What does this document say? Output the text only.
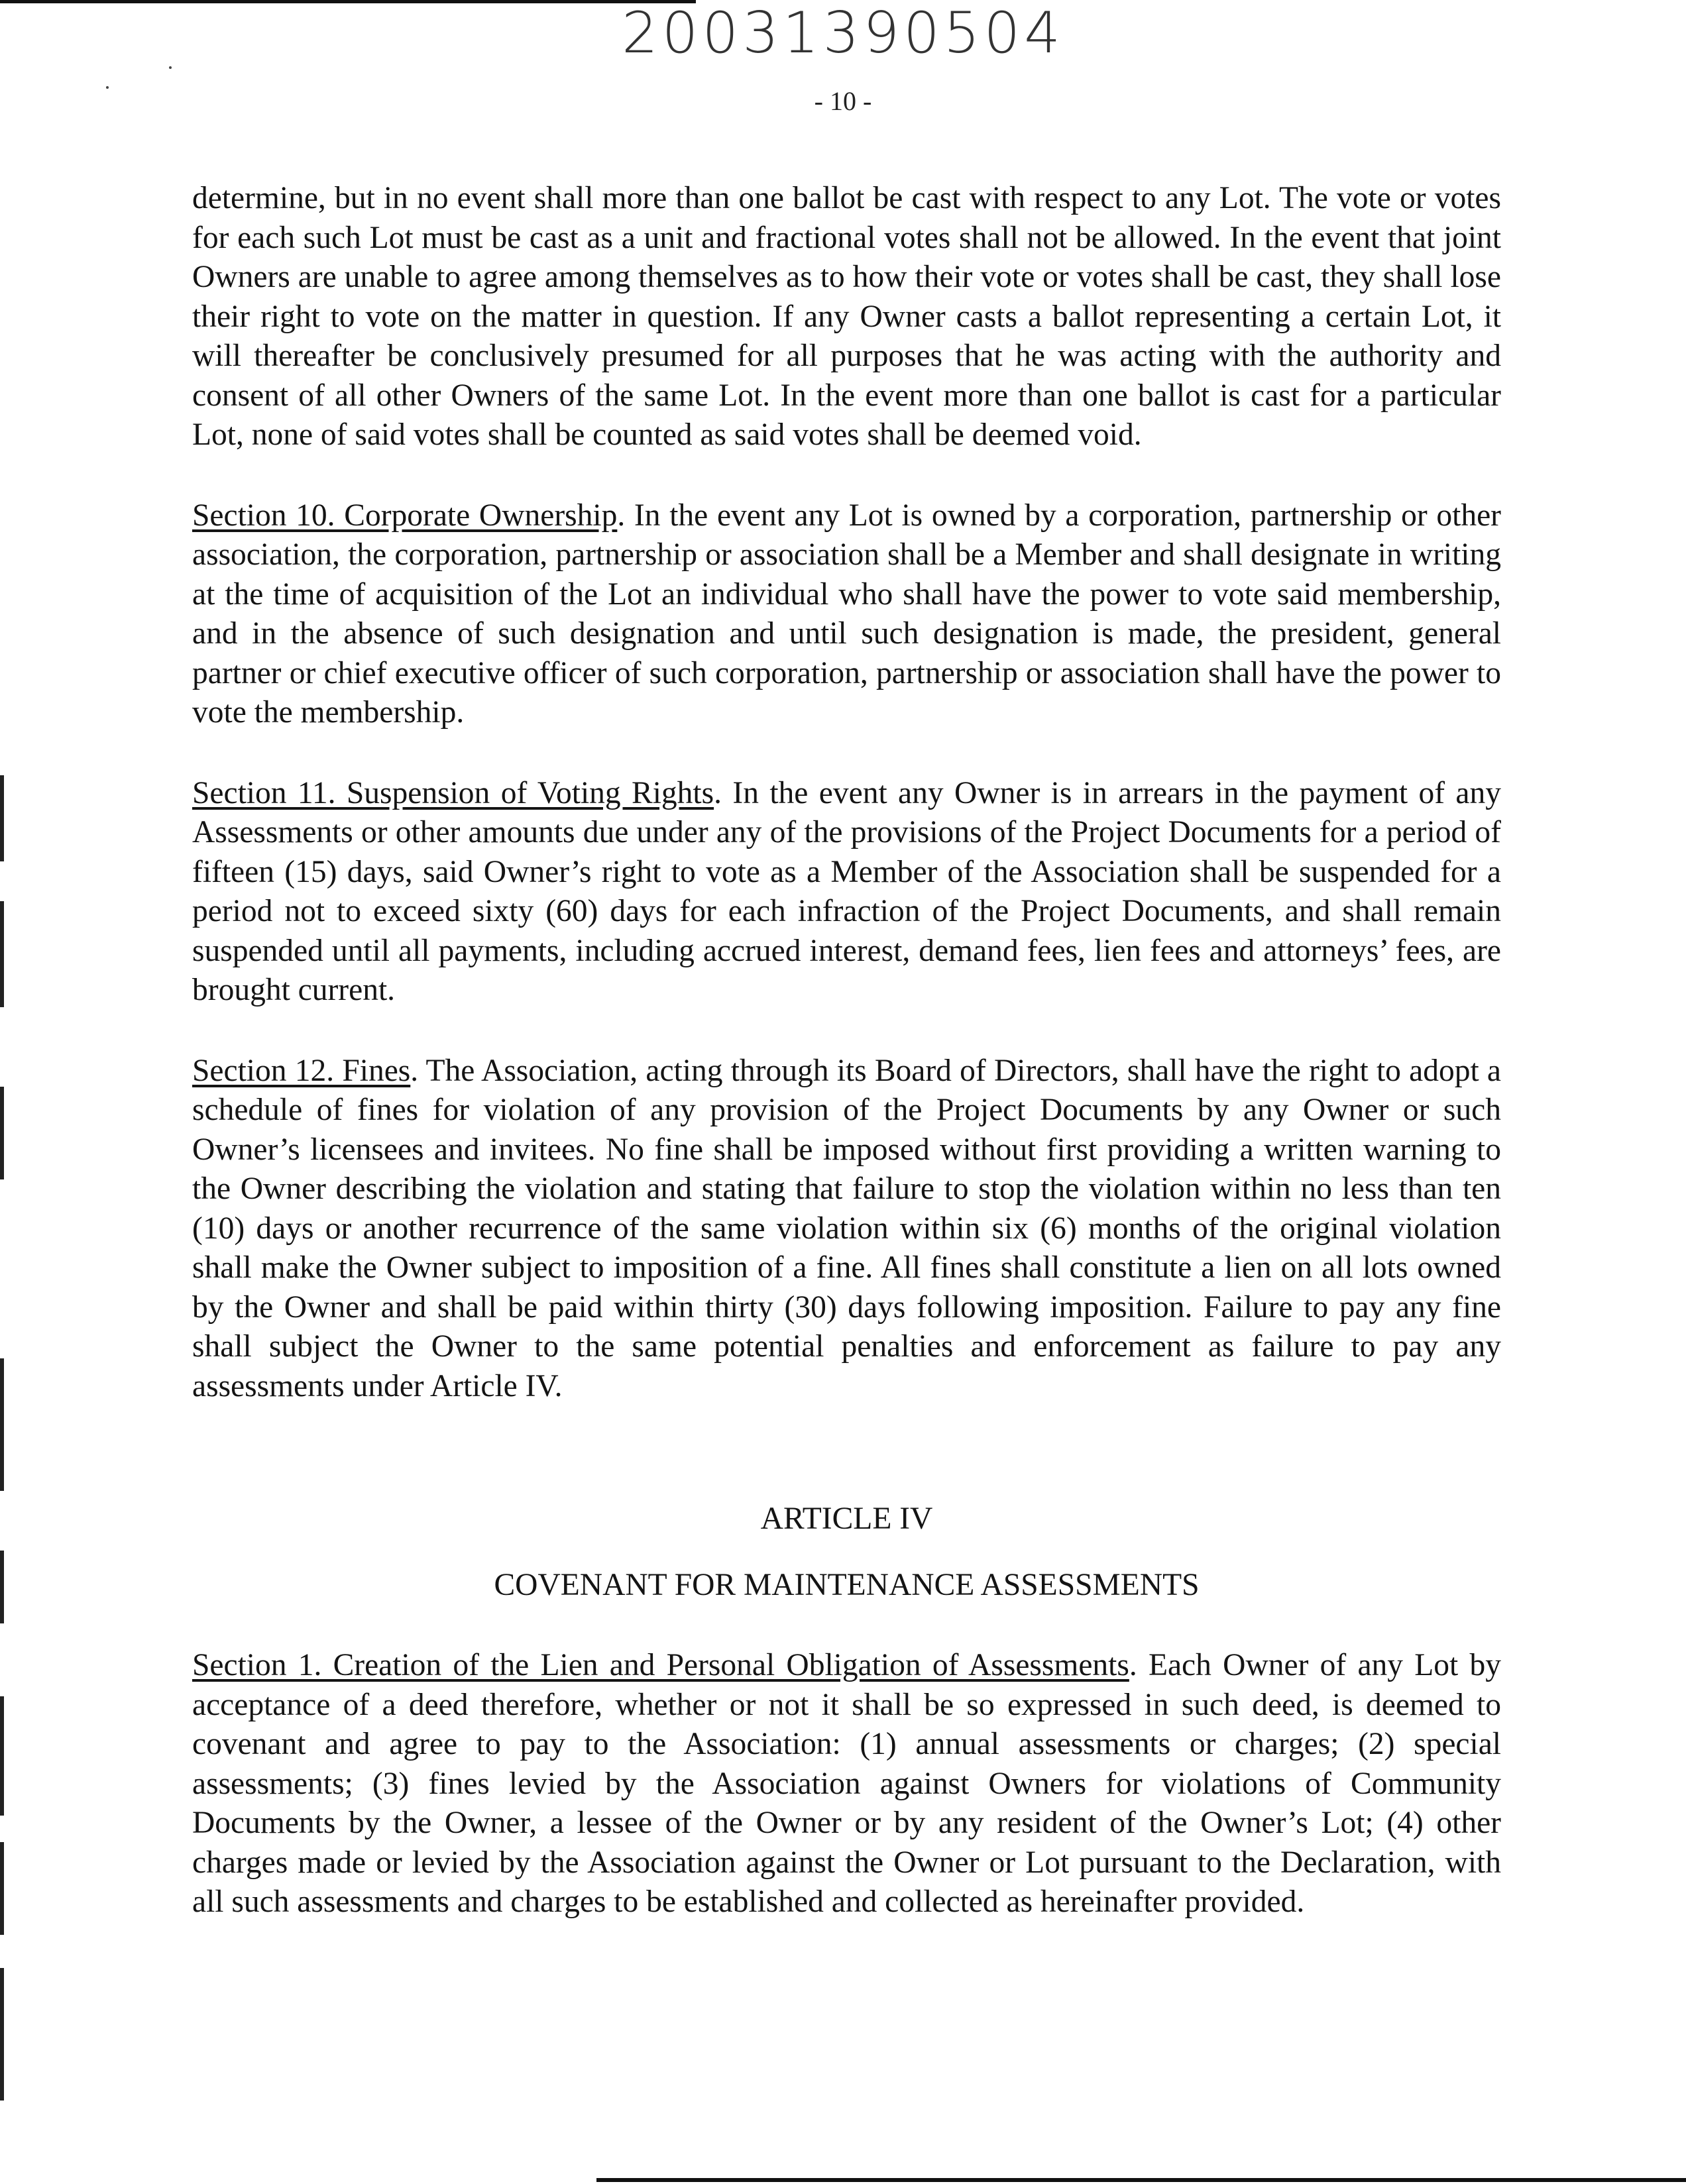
20031390504
- 10 -

determine, but in no event shall more than one ballot be cast with respect to any Lot. The vote or votes for each such Lot must be cast as a unit and fractional votes shall not be allowed. In the event that joint Owners are unable to agree among themselves as to how their vote or votes shall be cast, they shall lose their right to vote on the matter in question. If any Owner casts a ballot representing a certain Lot, it will thereafter be conclusively presumed for all purposes that he was acting with the authority and consent of all other Owners of the same Lot. In the event more than one ballot is cast for a particular Lot, none of said votes shall be counted as said votes shall be deemed void.

Section 10. Corporate Ownership. In the event any Lot is owned by a corporation, partnership or other association, the corporation, partnership or association shall be a Member and shall designate in writing at the time of acquisition of the Lot an individual who shall have the power to vote said membership, and in the absence of such designation and until such designation is made, the president, general partner or chief executive officer of such corporation, partnership or association shall have the power to vote the membership.

Section 11. Suspension of Voting Rights. In the event any Owner is in arrears in the payment of any Assessments or other amounts due under any of the provisions of the Project Documents for a period of fifteen (15) days, said Owner’s right to vote as a Member of the Association shall be suspended for a period not to exceed sixty (60) days for each infraction of the Project Documents, and shall remain suspended until all payments, including accrued interest, demand fees, lien fees and attorneys’ fees, are brought current.

Section 12. Fines. The Association, acting through its Board of Directors, shall have the right to adopt a schedule of fines for violation of any provision of the Project Documents by any Owner or such Owner’s licensees and invitees. No fine shall be imposed without first providing a written warning to the Owner describing the violation and stating that failure to stop the violation within no less than ten (10) days or another recurrence of the same violation within six (6) months of the original violation shall make the Owner subject to imposition of a fine. All fines shall constitute a lien on all lots owned by the Owner and shall be paid within thirty (30) days following imposition. Failure to pay any fine shall subject the Owner to the same potential penalties and enforcement as failure to pay any assessments under Article IV.

ARTICLE IV
COVENANT FOR MAINTENANCE ASSESSMENTS

Section 1. Creation of the Lien and Personal Obligation of Assessments. Each Owner of any Lot by acceptance of a deed therefore, whether or not it shall be so expressed in such deed, is deemed to covenant and agree to pay to the Association: (1) annual assessments or charges; (2) special assessments; (3) fines levied by the Association against Owners for violations of Community Documents by the Owner, a lessee of the Owner or by any resident of the Owner’s Lot; (4) other charges made or levied by the Association against the Owner or Lot pursuant to the Declaration, with all such assessments and charges to be established and collected as hereinafter provided.
